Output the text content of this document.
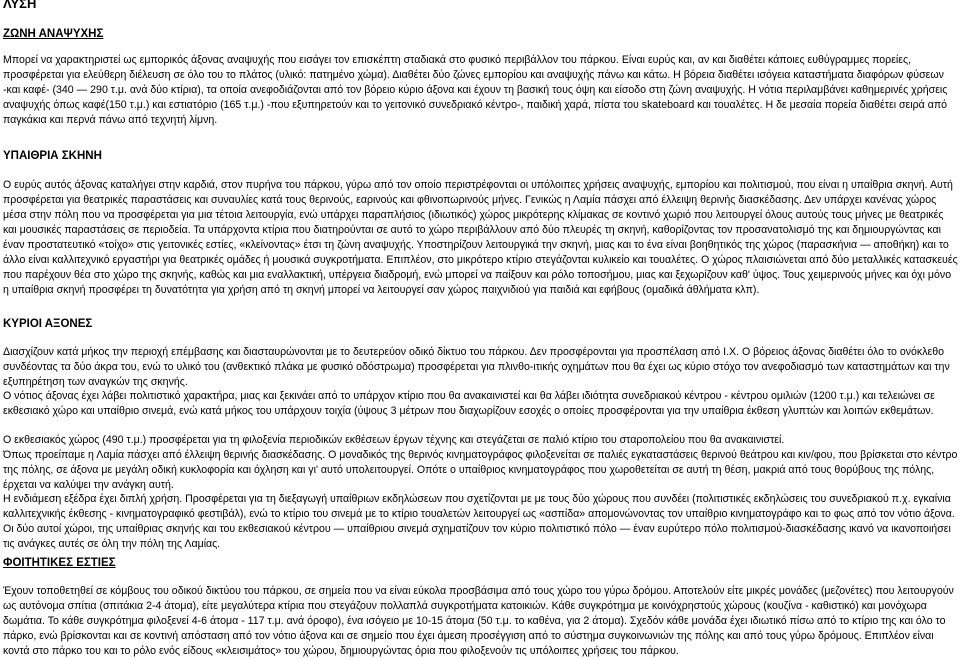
ΛΥΣΗ
ΖΩΝΗ ΑΝΑΨΥΧΗΣ
Μπορεί να χαρακτηριστεί ως εμπορικός άξονας αναψυχής που εισάγει τον επισκέπτη σταδιακά στο φυσικό περιβάλλον του πάρκου. Είναι ευρύς και, αν και διαθέτει κάποιες ευθύγραμμες πορείες, προσφέρεται για ελεύθερη διέλευση σε όλο του το πλάτος (υλικό: πατημένο χώμα). Διαθέτει δύο ζώνες εμπορίου και αναψυχής πάνω και κάτω. Η βόρεια διαθέτει ισόγεια καταστήματα διαφόρων φύσεων -και καφέ- (340 — 290 τ.μ. ανά δύο κτίρια), τα οποία ανεφοδιάζονται από τον βόρειο κύριο άξονα και έχουν τη βασική τους όψη και είσοδο στη ζώνη αναψυχής. Η νότια περιλαμβάνει καθημερινές χρήσεις αναψυχής όπως καφέ(150 τ.μ.) και εστιατόριο (165 τ.μ.) -που εξυπηρετούν και το γειτονικό συνεδριακό κέντρο-, παιδική χαρά, πίστα του skateboard και τουαλέτες. Η δε μεσαία πορεία διαθέτει σειρά από παγκάκια και περνά πάνω από τεχνητή λίμνη.
ΥΠΑΙΘΡΙΑ ΣΚΗΝΗ
Ο ευρύς αυτός άξονας καταλήγει στην καρδιά, στον πυρήνα του πάρκου, γύρω από τον οποίο περιστρέφονται οι υπόλοιπες χρήσεις αναψυχής, εμπορίου και πολιτισμού, που είναι η υπαίθρια σκηνή. Αυτή προσφέρεται για θεατρικές παραστάσεις και συναυλίες κατά τους θερινούς, εαρινούς και φθινοπωρινούς μήνες. Γενικώς η Λαμία πάσχει από έλλειψη θερινής διασκέδασης. Δεν υπάρχει κανένας χώρος μέσα στην πόλη που να προσφέρεται για μια τέτοια λειτουργία, ενώ υπάρχει παραπλήσιος (ιδιωτικός) χώρος μικρότερης κλίμακας σε κοντινό χωριό που λειτουργεί όλους αυτούς τους μήνες με θεατρικές και μουσικές παραστάσεις σε περιοδεία. Τα υπάρχοντα κτίρια που διατηρούνται σε αυτό το χώρο περιβάλλουν από δύο πλευρές τη σκηνή, καθορίζοντας τον προσανατολισμό της και δημιουργώντας και έναν προστατευτικό «τοίχο» στις γειτονικές εστίες, «κλείνοντας» έτσι τη ζώνη αναψυχής. Υποστηρίζουν λειτουργικά την σκηνή, μιας και το ένα είναι βοηθητικός της χώρος (παρασκήνια — αποθήκη) και το άλλο είναι καλλιτεχνικό εργαστήρι για θεατρικές ομάδες ή μουσικά συγκροτήματα. Επιπλέον, στο μικρότερο κτίριο στεγάζονται κυλικείο και τουαλέτες. Ο χώρος πλαισιώνεται από δύο μεταλλικές κατασκευές που παρέχουν θέα στο χώρο της σκηνής, καθώς και μια εναλλακτική, υπέργεια διαδρομή, ενώ μπορεί να παίξουν και ρόλο τοποσήμου, μιας και ξεχωρίζουν καθ' ύψος. Τους χειμερινούς μήνες και όχι μόνο η υπαίθρια σκηνή προσφέρει τη δυνατότητα για χρήση από τη σκηνή μπορεί να λειτουργεί σαν χώρος παιχνιδιού για παιδιά και εφήβους (ομαδικά άθλήματα κλπ).
ΚΥΡΙΟΙ ΑΞΟΝΕΣ
Διασχίζουν κατά μήκος την περιοχή επέμβασης και διασταυρώνονται με το δευτερεύον οδικό δίκτυο του πάρκου. Δεν προσφέρονται για προσπέλαση από Ι.Χ. Ο βόρειος άξονας διαθέτει όλο το ονόκλεθο συνδέοντας τα δύο άκρα του, ενώ το υλικό του (ανθεκτικό πλάκα με φυσικό οδόστρωμα) προσφέρεται για πλινθο-ιτικής οχημάτων που θα έχει ως κύριο στόχο τον ανεφοδιασμό των καταστημάτων και την εξυπηρέτηση των αναγκών της σκηνής.
Ο νότιος άξονας έχει λάβει πολιτιστικό χαρακτήρα, μιας και ξεκινάει από το υπάρχον κτίριο που θα ανακαινιστεί και θα λάβει ιδιότητα συνεδριακού κέντρου - κέντρου ομιλιών (1200 τ.μ.) και τελειώνει σε εκθεσιακό χώρο και υπαίθριο σινεμά, ενώ κατά μήκος του υπάρχουν τοιχία (ύψους 3 μέτρων που διαχωρίζουν εσοχές ο οποίες προσφέρονται για την υπαίθρια έκθεση γλυπτών και λοιπών εκθεμάτων.
Ο εκθεσιακός χώρος (490 τ.μ.) προσφέρεται για τη φιλοξενία περιοδικών εκθέσεων έργων τέχνης και στεγάζεται σε παλιό κτίριο του σταροπολείου που θα ανακαινιστεί.
Όπως προείπαμε η Λαμία πάσχει από έλλειψη θερινής διασκέδασης. Ο μοναδικός της θερινός κινηματογράφος φιλοξενείται σε παλιές εγκαταστάσεις θερινού θεάτρου και κιν/φου, που βρίσκεται στο κέντρο της πόλης, σε άξονα με μεγάλη οδική κυκλοφορία και όχληση και γι' αυτό υπολειτουργεί. Οπότε ο υπαίθριος κινηματογράφος που χωροθετείται σε αυτή τη θέση, μακριά από τους θορύβους της πόλης, έρχεται να καλύψει την ανάγκη αυτή.
Η ενδιάμεση εξέδρα έχει διπλή χρήση. Προσφέρεται για τη διεξαγωγή υπαίθριων εκδηλώσεων που σχετίζονται με με τους δύο χώρους που συνδέει (πολιτιστικές εκδηλώσεις του συνεδριακού π.χ. εγκαίνια καλλιτεχνικής έκθεσης - κινηματογραφικό φεστιβάλ), ενώ το κτίριο του σινεμά με το κτίριο τουαλετών λειτουργεί ως «ασπίδα» απομονώνοντας τον υπαίθριο κινηματογράφο και το φως από τον νότιο άξονα.
Οι δύο αυτοί χώροι, της υπαίθριας σκηνής και του εκθεσιακού κέντρου — υπαίθριου σινεμά σχηματίζουν τον κύριο πολιτιστικό πόλο — έναν ευρύτερο πόλο πολιτισμού-διασκέδασης ικανό να ικανοποιήσει τις ανάγκες αυτές σε όλη την πόλη της Λαμίας.
ΦΟΙΤΗΤΙΚΕΣ ΕΣΤΙΕΣ
Έχουν τοποθετηθεί σε κόμβους του οδικού δικτύου του πάρκου, σε σημεία που να είναι εύκολα προσβάσιμα από τους χώρο του γύρω δρόμου. Αποτελούν είτε μικρές μονάδες (μεζονέτες) που λειτουργούν ως αυτόνομα σπίτια (σπιτάκια 2-4 άτομα), είτε μεγαλύτερα κτίρια που στεγάζουν πολλαπλά συγκροτήματα κατοικιών. Κάθε συγκρότημα με κοινόχρηστούς χώρους (κουζίνα - καθιστικό) και μονόχωρα δωμάτια. Το κάθε συγκρότημα φιλοξενεί 4-6 άτομα - 117 τ.μ. ανά όροφο), ένα ισόγειο με 10-15 άτομα (50 τ.μ. το καθένα, για 2 άτομα). Σχεδόν κάθε μονάδα έχει ιδιωτικό πίσω από το κτίριο της και όλο το πάρκο, ενώ βρίσκονται και σε κοντινή απόσταση από τον νότιο άξονα και σε σημείο που έχει άμεση προσέγγιση από το σύστημα συγκοινωνιών της πόλης και από τους γύρω δρόμους. Επιπλέον είναι κοντά στο πάρκο του και το ρόλο ενός είδους «κλεισιμάτος» του χώρου, δημιουργώντας όρια που φιλοξενούν τις υπόλοιπες χρήσεις του πάρκου.
